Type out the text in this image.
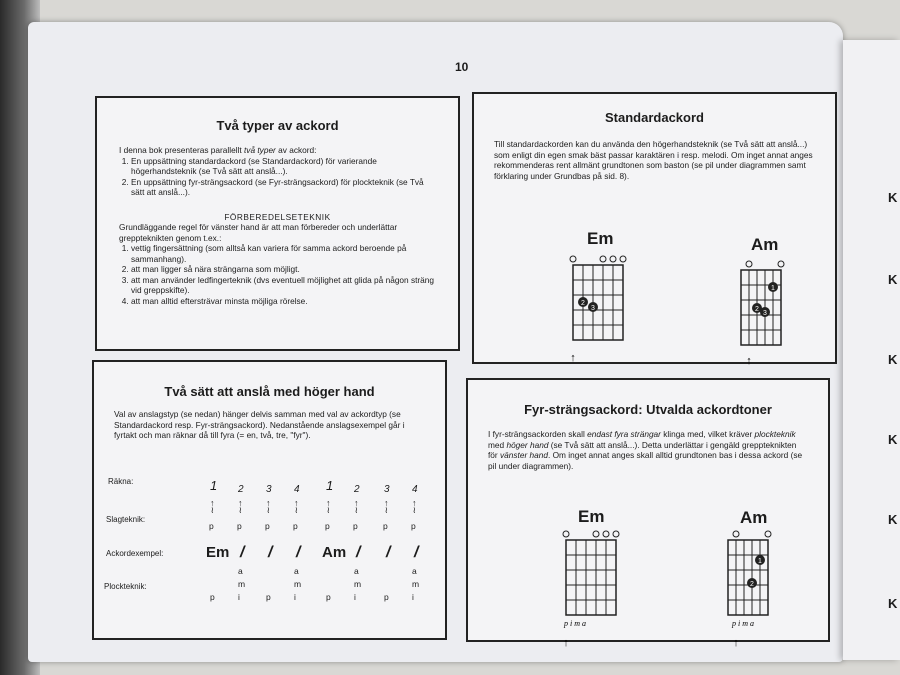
K
K
K
K
K
K
10
Två typer av ackord

I denna bok presenteras parallellt två typer av ackord:

1. En uppsättning standardackord (se Standardackord) för varierande högerhandsteknik (se Två sätt att anslå...).
2. En uppsättning fyr-strängsackord (se Fyr-strängsackord) för plockteknik (se Två sätt att anslå...).

FÖRBEREDELSETEKNIK

Grundläggande regel för vänster hand är att man förbereder och underlättar greppteknikten genom t.ex.:

1. vettig fingersättning (som alltså kan variera för samma ackord beroende på sammanhang).
2. att man ligger så nära strängarna som möjligt.
3. att man använder ledfingerteknik (dvs eventuell möjlighet att glida på någon sträng vid greppskifte).
4. att man alltid eftersträvar minsta möjliga rörelse.
Standardackord

Till standardackorden kan du använda den högerhandsteknik (se Två sätt att anslå...) som enligt din egen smak bäst passar karaktären i resp. melodi. Om inget annat anges rekommenderas rent allmänt grundtonen som baston (se pil under diagrammen samt förklaring under Grundbas på sid. 8).

Em	Am
2
3
↑
1
2
3
↑
Två sätt att anslå med höger hand

Val av anslagstyp (se nedan) hänger delvis samman med val av ackordtyp (se Standardackord resp. Fyr-strängsackord). Nedanstående anslagsexempel går i fyrtakt och man räknar då till fyra (= en, två, tre, "fyr").

Räkna:
Slagteknik:
Ackordexempel:
Plockteknik:
1
↑
≀
p
Em
p
2
↑
≀
p
/
a
m
i
3
↑
≀
p
/
p
4
↑
≀
p
/
a
m
i
1
↑
≀
p
Am
p
2
↑
≀
p
/
a
m
i
3
↑
≀
p
/
p
4
↑
≀
p
/
a
m
i
Fyr-strängsackord: Utvalda ackordtoner

I fyr-strängsackorden skall endast fyra strängar klinga med, vilket kräver plockteknik med höger hand (se Två sätt att anslå...). Detta underlättar i gengäld greppteknikten för vänster hand. Om inget annat anges skall alltid grundtonen bas i dessa ackord (se pil under diagrammen).

Em	Am
p i m a
↑
1
2
p i m a
↑
